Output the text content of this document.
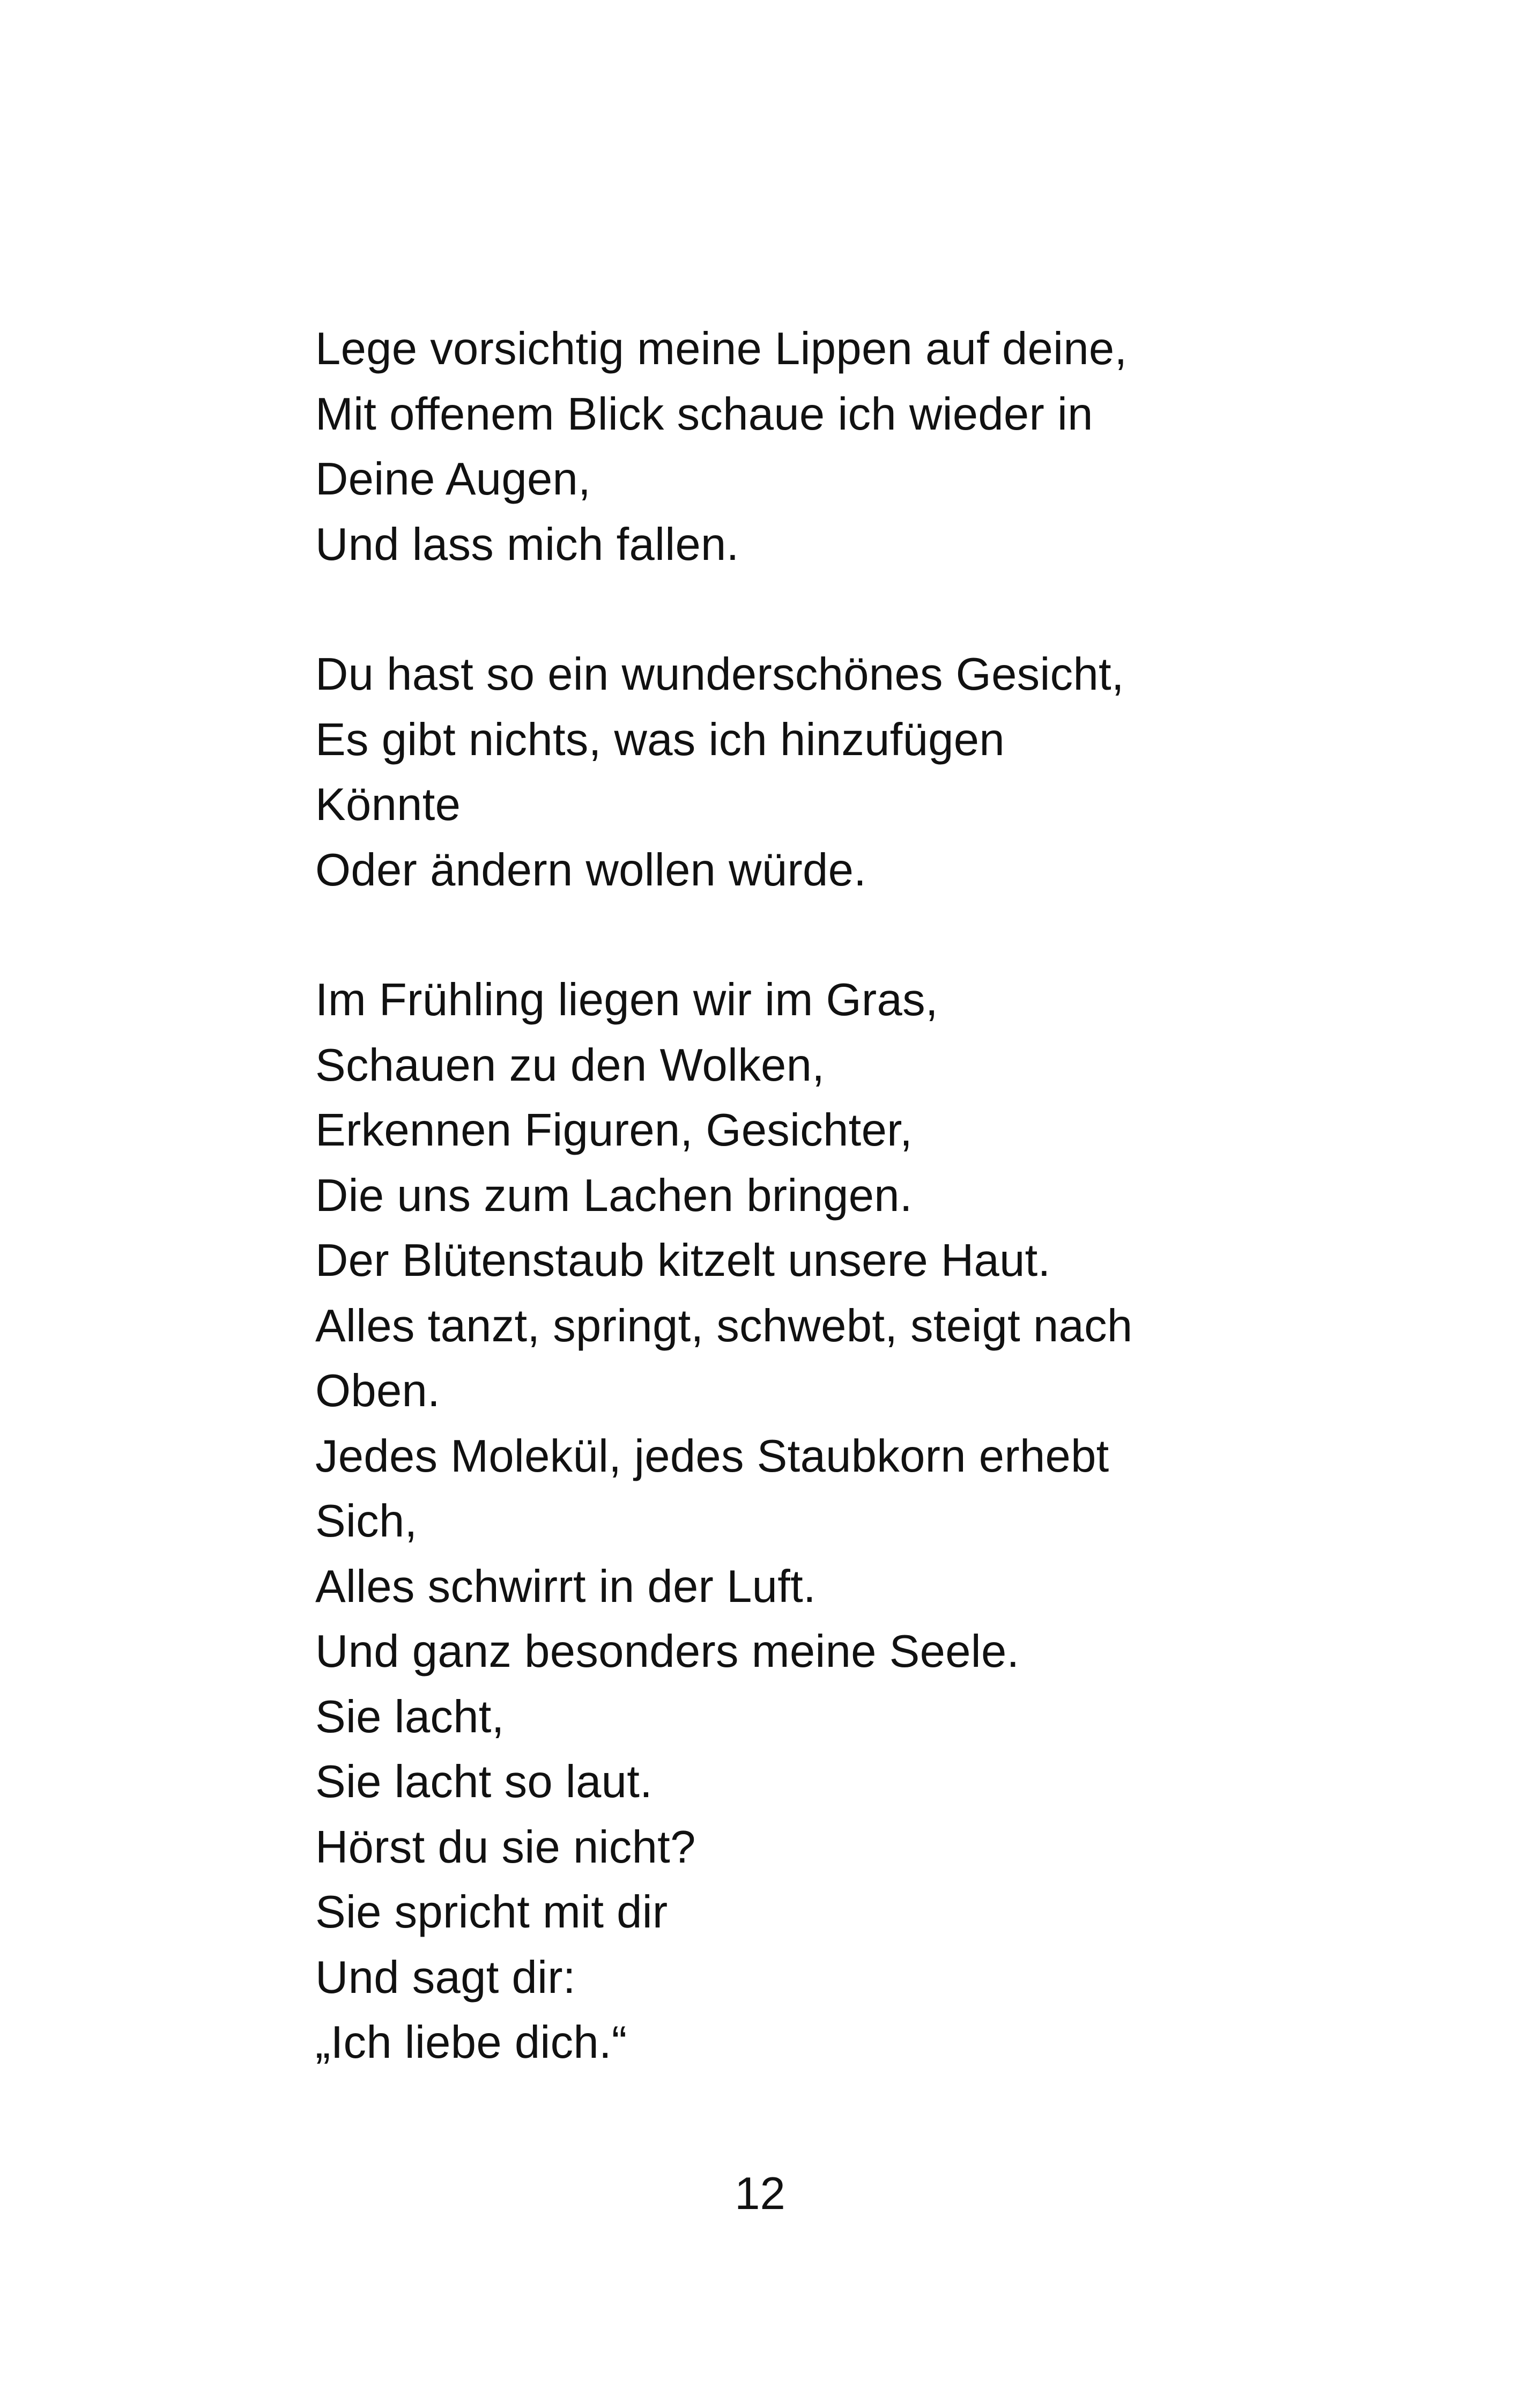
Lege vorsichtig meine Lippen auf deine,
Mit offenem Blick schaue ich wieder in
Deine Augen,
Und lass mich fallen.
Du hast so ein wunderschönes Gesicht,
Es gibt nichts, was ich hinzufügen
Könnte
Oder ändern wollen würde.
Im Frühling liegen wir im Gras,
Schauen zu den Wolken,
Erkennen Figuren, Gesichter,
Die uns zum Lachen bringen.
Der Blütenstaub kitzelt unsere Haut.
Alles tanzt, springt, schwebt, steigt nach
Oben.
Jedes Molekül, jedes Staubkorn erhebt
Sich,
Alles schwirrt in der Luft.
Und ganz besonders meine Seele.
Sie lacht,
Sie lacht so laut.
Hörst du sie nicht?
Sie spricht mit dir
Und sagt dir:
„Ich liebe dich.“
12
